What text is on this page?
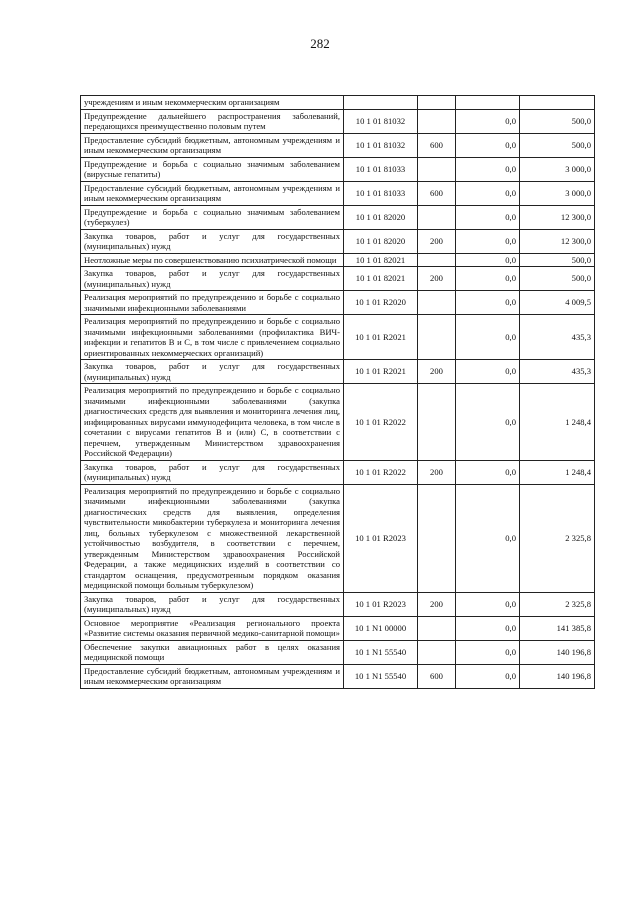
282
учреждениям и иным некоммерческим организациям				
Предупреждение дальнейшего распространения заболеваний, передающихся преимущественно половым путем	10 1 01 81032		0,0	500,0
Предоставление субсидий бюджетным, автономным учреждениям и иным некоммерческим организациям	10 1 01 81032	600	0,0	500,0
Предупреждение и борьба с социально значимым заболеванием (вирусные гепатиты)	10 1 01 81033		0,0	3 000,0
Предоставление субсидий бюджетным, автономным учреждениям и иным некоммерческим организациям	10 1 01 81033	600	0,0	3 000,0
Предупреждение и борьба с социально значимым заболеванием (туберкулез)	10 1 01 82020		0,0	12 300,0
Закупка товаров, работ и услуг для государственных (муниципальных) нужд	10 1 01 82020	200	0,0	12 300,0
Неотложные меры по совершенствованию психиатрической помощи	10 1 01 82021		0,0	500,0
Закупка товаров, работ и услуг для государственных (муниципальных) нужд	10 1 01 82021	200	0,0	500,0
Реализация мероприятий по предупреждению и борьбе с социально значимыми инфекционными заболеваниями	10 1 01 R2020		0,0	4 009,5
Реализация мероприятий по предупреждению и борьбе с социально значимыми инфекционными заболеваниями (профилактика ВИЧ-инфекции и гепатитов В и С, в том числе с привлечением социально ориентированных некоммерческих организаций)	10 1 01 R2021		0,0	435,3
Закупка товаров, работ и услуг для государственных (муниципальных) нужд	10 1 01 R2021	200	0,0	435,3
Реализация мероприятий по предупреждению и борьбе с социально значимыми инфекционными заболеваниями (закупка диагностических средств для выявления и мониторинга лечения лиц, инфицированных вирусами иммунодефицита человека, в том числе в сочетании с вирусами гепатитов В и (или) С, в соответствии с перечнем, утвержденным Министерством здравоохранения Российской Федерации)	10 1 01 R2022		0,0	1 248,4
Закупка товаров, работ и услуг для государственных (муниципальных) нужд	10 1 01 R2022	200	0,0	1 248,4
Реализация мероприятий по предупреждению и борьбе с социально значимыми инфекционными заболеваниями (закупка диагностических средств для выявления, определения чувствительности микобактерии туберкулеза и мониторинга лечения лиц, больных туберкулезом с множественной лекарственной устойчивостью возбудителя, в соответствии с перечнем, утвержденным Министерством здравоохранения Российской Федерации, а также медицинских изделий в соответствии со стандартом оснащения, предусмотренным порядком оказания медицинской помощи больным туберкулезом)	10 1 01 R2023		0,0	2 325,8
Закупка товаров, работ и услуг для государственных (муниципальных) нужд	10 1 01 R2023	200	0,0	2 325,8
Основное мероприятие «Реализация регионального проекта «Развитие системы оказания первичной медико-санитарной помощи»	10 1 N1 00000		0,0	141 385,8
Обеспечение закупки авиационных работ в целях оказания медицинской помощи	10 1 N1 55540		0,0	140 196,8
Предоставление субсидий бюджетным, автономным учреждениям и иным некоммерческим организациям	10 1 N1 55540	600	0,0	140 196,8
